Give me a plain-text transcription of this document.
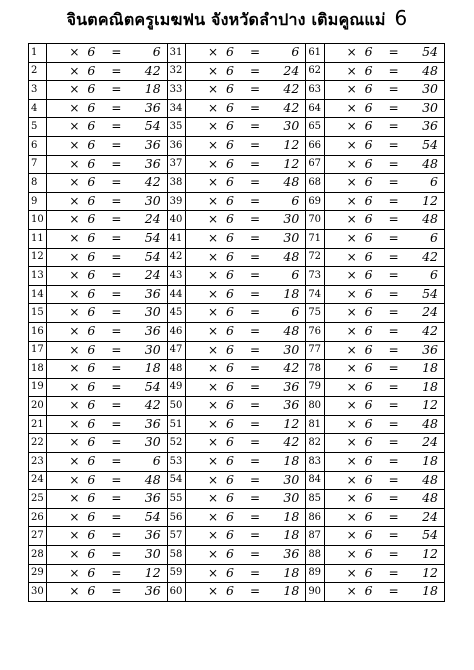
จินตคณิตครูเมฆฟน จังหวัดลำปาง เติมคูณแม่ 6
1	× 6 = 6	31	× 6 = 6	61	× 6 = 54

2	× 6 = 42	32	× 6 = 24	62	× 6 = 48

3	× 6 = 18	33	× 6 = 42	63	× 6 = 30

4	× 6 = 36	34	× 6 = 42	64	× 6 = 30

5	× 6 = 54	35	× 6 = 30	65	× 6 = 36

6	× 6 = 36	36	× 6 = 12	66	× 6 = 54

7	× 6 = 36	37	× 6 = 12	67	× 6 = 48

8	× 6 = 42	38	× 6 = 48	68	× 6 = 6

9	× 6 = 30	39	× 6 = 6	69	× 6 = 12

10	× 6 = 24	40	× 6 = 30	70	× 6 = 48

11	× 6 = 54	41	× 6 = 30	71	× 6 = 6

12	× 6 = 54	42	× 6 = 48	72	× 6 = 42

13	× 6 = 24	43	× 6 = 6	73	× 6 = 6

14	× 6 = 36	44	× 6 = 18	74	× 6 = 54

15	× 6 = 30	45	× 6 = 6	75	× 6 = 24

16	× 6 = 36	46	× 6 = 48	76	× 6 = 42

17	× 6 = 30	47	× 6 = 30	77	× 6 = 36

18	× 6 = 18	48	× 6 = 42	78	× 6 = 18

19	× 6 = 54	49	× 6 = 36	79	× 6 = 18

20	× 6 = 42	50	× 6 = 36	80	× 6 = 12

21	× 6 = 36	51	× 6 = 12	81	× 6 = 48

22	× 6 = 30	52	× 6 = 42	82	× 6 = 24

23	× 6 = 6	53	× 6 = 18	83	× 6 = 18

24	× 6 = 48	54	× 6 = 30	84	× 6 = 48

25	× 6 = 36	55	× 6 = 30	85	× 6 = 48

26	× 6 = 54	56	× 6 = 18	86	× 6 = 24

27	× 6 = 36	57	× 6 = 18	87	× 6 = 54

28	× 6 = 30	58	× 6 = 36	88	× 6 = 12

29	× 6 = 12	59	× 6 = 18	89	× 6 = 12

30	× 6 = 36	60	× 6 = 18	90	× 6 = 18
